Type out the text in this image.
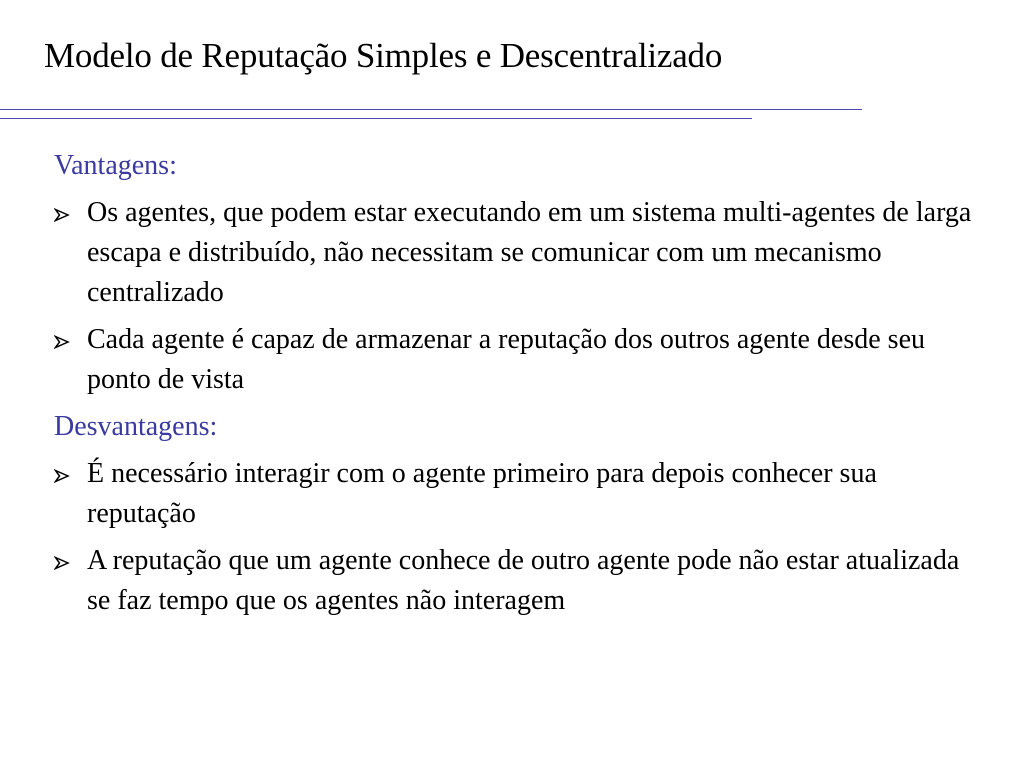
Modelo de Reputação Simples e Descentralizado
Vantagens:
Os agentes, que podem estar executando em um sistema multi-agentes de larga escapa e distribuído, não necessitam se comunicar com um mecanismo centralizado
Cada agente é capaz de armazenar a reputação dos outros agente desde seu ponto de vista
Desvantagens:
É necessário interagir com o agente primeiro para depois conhecer sua reputação
A reputação que um agente conhece de outro agente pode não estar atualizada se faz tempo que os agentes não interagem
